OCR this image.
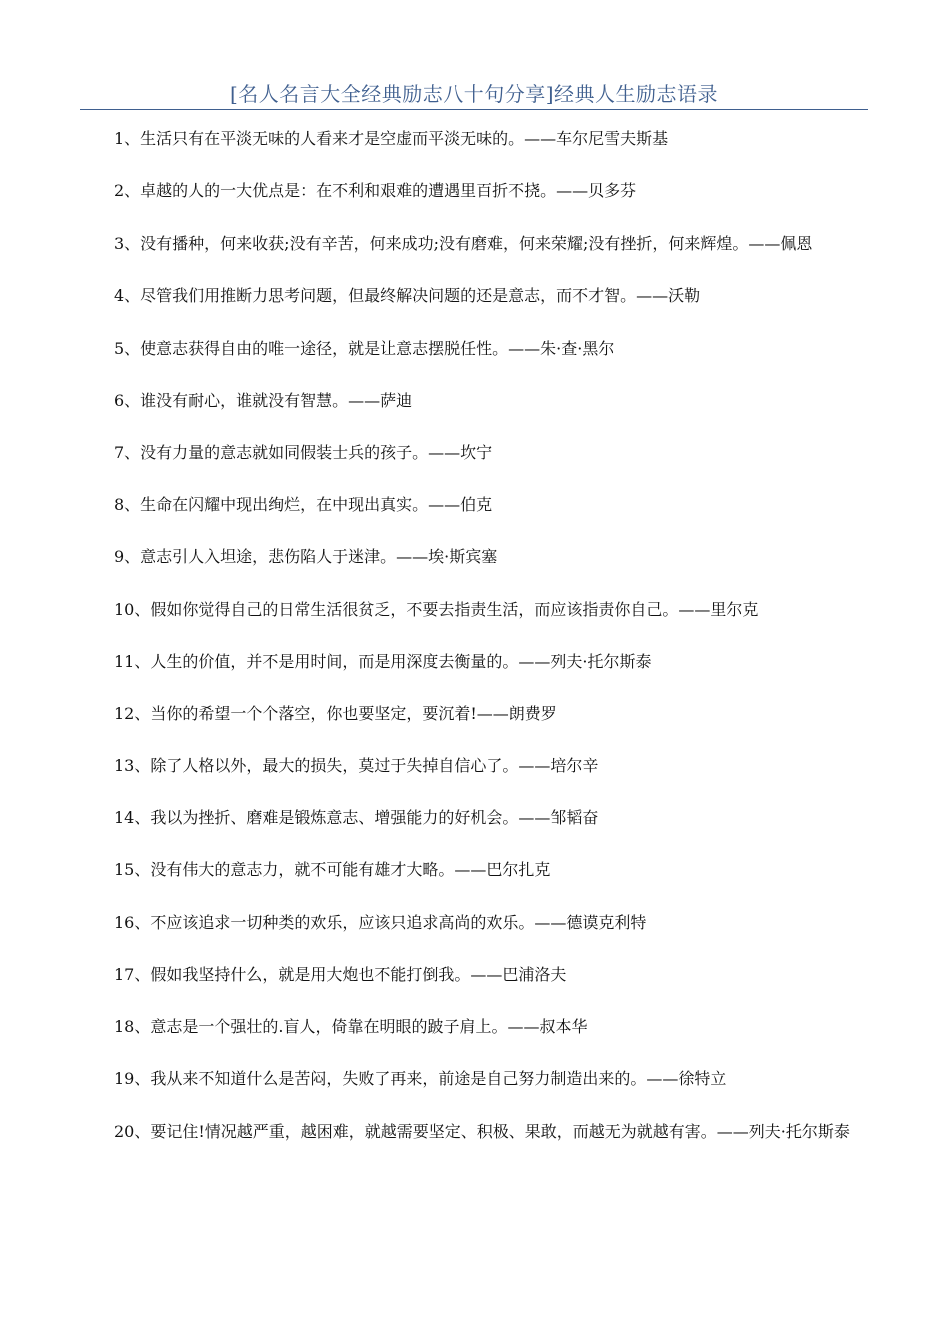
[名人名言大全经典励志八十句分享]经典人生励志语录

1、生活只有在平淡无味的人看来才是空虚而平淡无味的。——车尔尼雪夫斯基

2、卓越的人的一大优点是：在不利和艰难的遭遇里百折不挠。——贝多芬

3、没有播种，何来收获;没有辛苦，何来成功;没有磨难，何来荣耀;没有挫折，何来辉煌。——佩恩

4、尽管我们用推断力思考问题，但最终解决问题的还是意志，而不才智。——沃勒

5、使意志获得自由的唯一途径，就是让意志摆脱任性。——朱·查·黑尔

6、谁没有耐心，谁就没有智慧。——萨迪

7、没有力量的意志就如同假装士兵的孩子。——坎宁

8、生命在闪耀中现出绚烂，在中现出真实。——伯克

9、意志引人入坦途，悲伤陷人于迷津。——埃·斯宾塞

10、假如你觉得自己的日常生活很贫乏，不要去指责生活，而应该指责你自己。——里尔克

11、人生的价值，并不是用时间，而是用深度去衡量的。——列夫·托尔斯泰

12、当你的希望一个个落空，你也要坚定，要沉着!——朗费罗

13、除了人格以外，最大的损失，莫过于失掉自信心了。——培尔辛

14、我以为挫折、磨难是锻炼意志、增强能力的好机会。——邹韬奋

15、没有伟大的意志力，就不可能有雄才大略。——巴尔扎克

16、不应该追求一切种类的欢乐，应该只追求高尚的欢乐。——德谟克利特

17、假如我坚持什么，就是用大炮也不能打倒我。——巴浦洛夫

18、意志是一个强壮的.盲人，倚靠在明眼的跛子肩上。——叔本华

19、我从来不知道什么是苦闷，失败了再来，前途是自己努力制造出来的。——徐特立

20、要记住!情况越严重，越困难，就越需要坚定、积极、果敢，而越无为就越有害。——列夫·托尔斯泰
